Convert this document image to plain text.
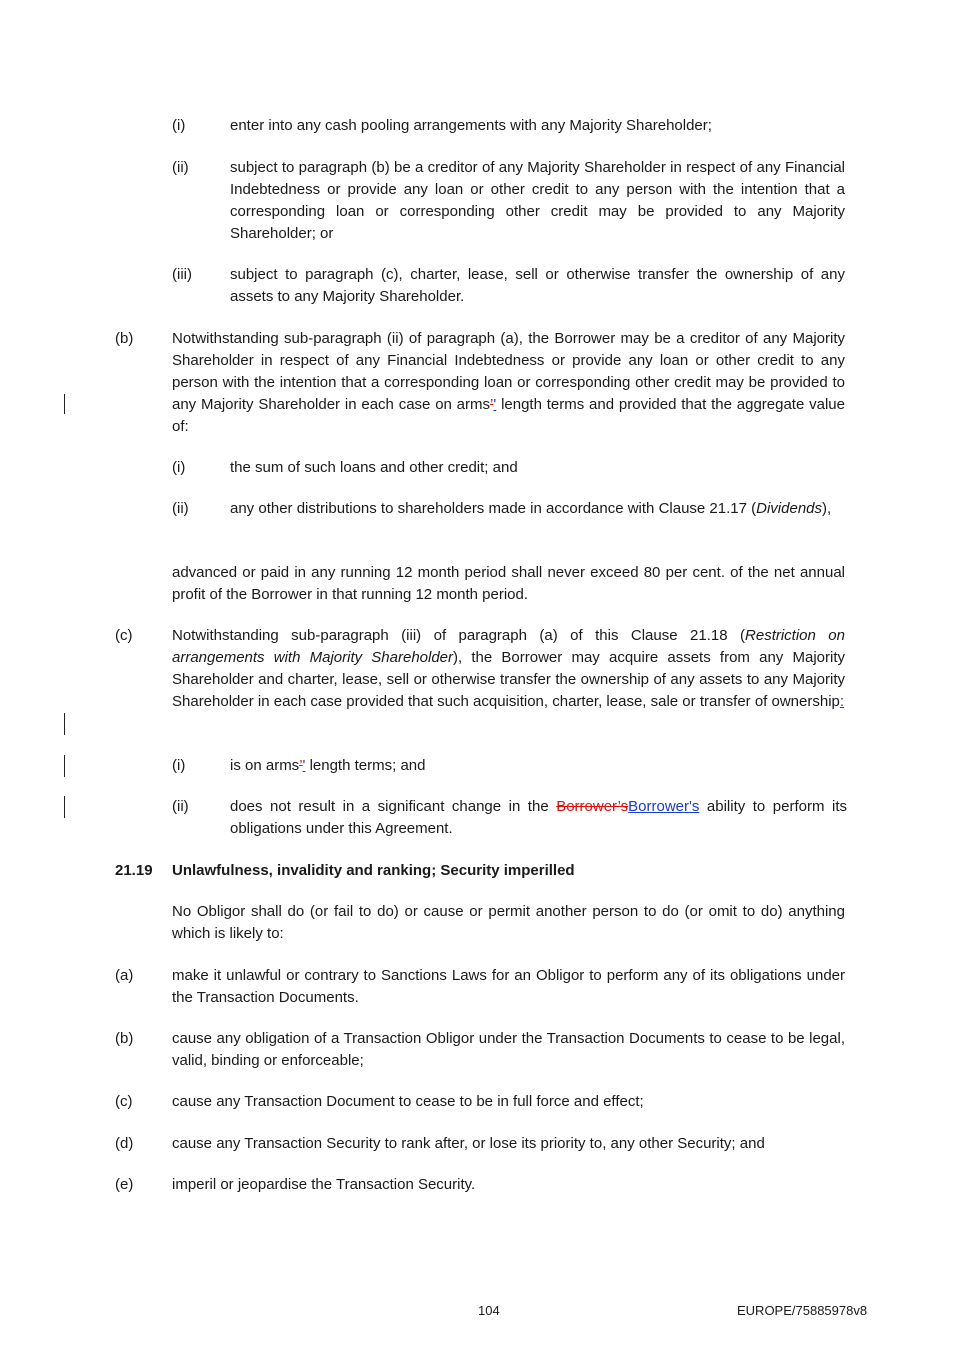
(i)	enter into any cash pooling arrangements with any Majority Shareholder;
(ii)	subject to paragraph (b) be a creditor of any Majority Shareholder in respect of any Financial Indebtedness or provide any loan or other credit to any person with the intention that a corresponding loan or corresponding other credit may be provided to any Majority Shareholder; or
(iii)	subject to paragraph (c), charter, lease, sell or otherwise transfer the ownership of any assets to any Majority Shareholder.
(b)	Notwithstanding sub-paragraph (ii) of paragraph (a), the Borrower may be a creditor of any Majority Shareholder in respect of any Financial Indebtedness or provide any loan or other credit to any person with the intention that a corresponding loan or corresponding other credit may be provided to any Majority Shareholder in each case on arms’' length terms and provided that the aggregate value of:
(i)	the sum of such loans and other credit; and
(ii)	any other distributions to shareholders made in accordance with Clause 21.17 (Dividends),
advanced or paid in any running 12 month period shall never exceed 80 per cent. of the net annual profit of the Borrower in that running 12 month period.
(c)	Notwithstanding sub-paragraph (iii) of paragraph (a) of this Clause 21.18 (Restriction on arrangements with Majority Shareholder), the Borrower may acquire assets from any Majority Shareholder and charter, lease, sell or otherwise transfer the ownership of any assets to any Majority Shareholder in each case provided that such acquisition, charter, lease, sale or transfer of ownership:
(i)	is on arms’' length terms; and
(ii)	does not result in a significant change in the Borrower’sBorrower's ability to perform its obligations under this Agreement.
21.19 Unlawfulness, invalidity and ranking; Security imperilled
No Obligor shall do (or fail to do) or cause or permit another person to do (or omit to do) anything which is likely to:
(a)	make it unlawful or contrary to Sanctions Laws for an Obligor to perform any of its obligations under the Transaction Documents.
(b)	cause any obligation of a Transaction Obligor under the Transaction Documents to cease to be legal, valid, binding or enforceable;
(c)	cause any Transaction Document to cease to be in full force and effect;
(d)	cause any Transaction Security to rank after, or lose its priority to, any other Security; and
(e)	imperil or jeopardise the Transaction Security.
104	EUROPE/75885978v8
